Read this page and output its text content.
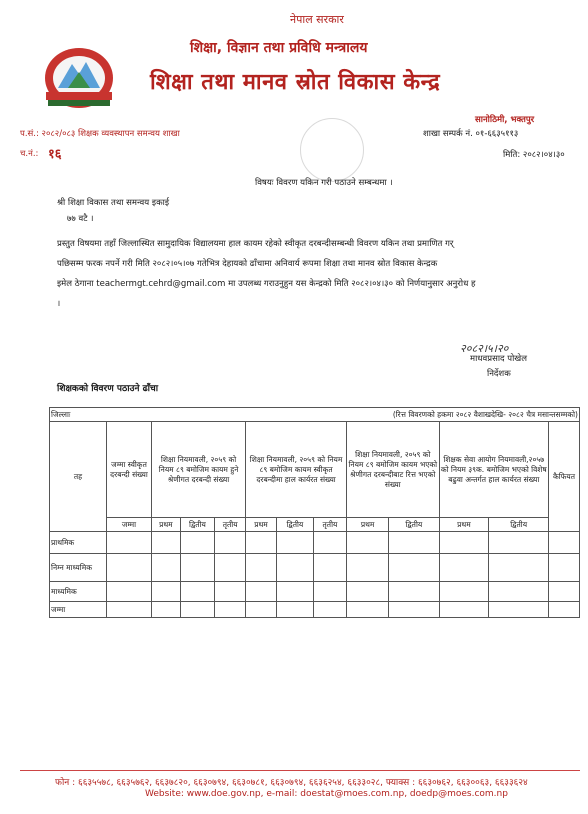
नेपाल सरकार
शिक्षा, विज्ञान तथा प्रविधि मन्त्रालय
शिक्षा तथा मानव स्रोत विकास केन्द्र
सानोठिमी, भक्तपुर
प.सं.: २०८२/०८३ शिक्षक व्यवस्थापन समन्वय शाखा	शाखा सम्पर्क नं. ०१-६६३५११३
च.नं.: १६	मिति: २०८२।०४।३०
विषयः विवरण यकिन गरी पठाउने सम्बन्धमा ।
श्री शिक्षा विकास तथा समन्वय इकाई
७७ वटै ।
प्रस्तुत विषयमा तहाँ जिल्लास्थित सामुदायिक विद्यालयमा हाल कायम रहेको स्वीकृत दरबन्दीसम्बन्धी विवरण यकिन तथा प्रमाणित गर्
पछिसम्म फरक नपर्ने गरी मिति २०८२।०५।०७ गतेभित्र देहायको ढाँचामा अनिवार्य रूपमा शिक्षा तथा मानव स्रोत विकास केन्द्रक
इमेल ठेगाना teachermgt.cehrd@gmail.com मा उपलब्ध गराउनुहुन यस केन्द्रको मिति २०८२।०४।३० को निर्णयानुसार अनुरोध ह
।
२०८२।५।२०
माधवप्रसाद पोखेल
निर्देशक
शिक्षकको विवरण पठाउने ढाँचा
जिल्लाः			(रित्त विवरणको हकमा २०८२ वैशाखदेखि- २०८२ चैत्र मसान्तसम्मको)									
तह	जम्मा स्वीकृत दरबन्दी संख्या	शिक्षा नियमावली, २०५९ को नियम ८९ बमोजिम कायम हुने श्रेणीगत दरबन्दी संख्या			शिक्षा नियमावली, २०५९ को नियम ८९ बमोजिम कायम स्वीकृत दरबन्दीमा हाल कार्यरत संख्या			शिक्षा नियमावली, २०५९ को नियम ८९ बमोजिम कायम भएको श्रेणीगत दरबन्दीबाट रित्त भएको संख्या		शिक्षक सेवा आयोग नियमावली,२०५७ को नियम ३९क. बमोजिम भएको विशेष बढुवा अन्तर्गत हाल कार्यरत संख्या		कैफियत
	जम्मा	प्रथम	द्वितीय	तृतीय	प्रथम	द्वितीय	तृतीय	प्रथम	द्वितीय	प्रथम	द्वितीय	
प्राथमिक												
निम्न माध्यमिक												
माध्यमिक												
जम्मा												
फोन : ६६३५५७८, ६६३५७६२, ६६३७८२०, ६६३०७९४, ६६३०७८१, ६६३०७९४, ६६३६२५४, ६६३३०२८, फ्याक्स : ६६३०७६२, ६६३००६३, ६६३३६२४
Website: www.doe.gov.np, e-mail: doestat@moes.com.np, doedp@moes.com.np
